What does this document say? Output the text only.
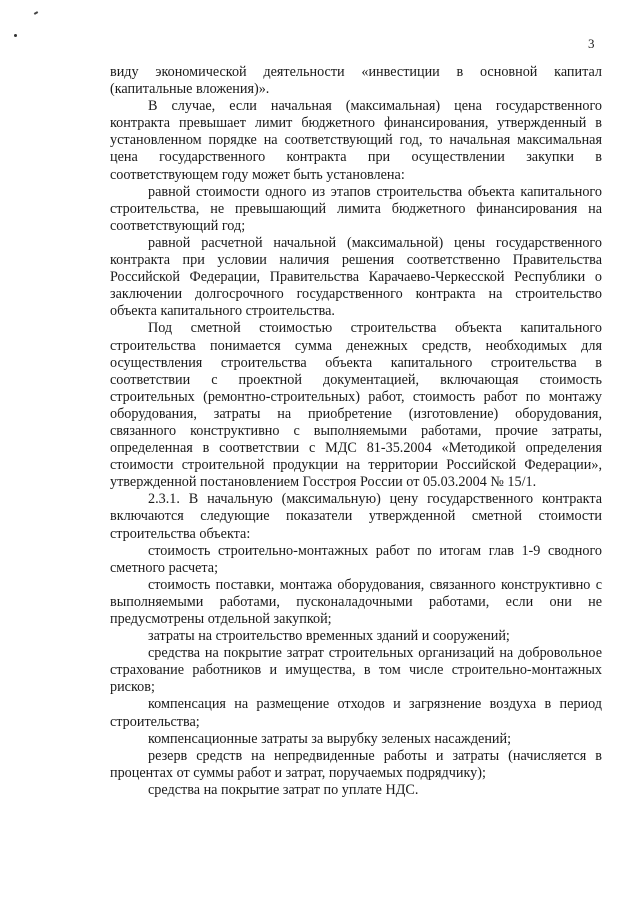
3

виду экономической деятельности «инвестиции в основной капитал (капитальные вложения)».

В случае, если начальная (максимальная) цена государственного контракта превышает лимит бюджетного финансирования, утвержденный в установленном порядке на соответствующий год, то начальная максимальная цена государственного контракта при осуществлении закупки в соответствующем году может быть установлена:

равной стоимости одного из этапов строительства объекта капитального строительства, не превышающий лимита бюджетного финансирования на соответствующий год;

равной расчетной начальной (максимальной) цены государственного контракта при условии наличия решения соответственно Правительства Российской Федерации, Правительства Карачаево-Черкесской Республики о заключении долгосрочного государственного контракта на строительство объекта капитального строительства.

Под сметной стоимостью строительства объекта капитального строительства понимается сумма денежных средств, необходимых для осуществления строительства объекта капитального строительства в соответствии с проектной документацией, включающая стоимость строительных (ремонтно-строительных) работ, стоимость работ по монтажу оборудования, затраты на приобретение (изготовление) оборудования, связанного конструктивно с выполняемыми работами, прочие затраты, определенная в соответствии с МДС 81-35.2004 «Методикой определения стоимости строительной продукции на территории Российской Федерации», утвержденной постановлением Госстроя России от 05.03.2004 № 15/1.

2.3.1. В начальную (максимальную) цену государственного контракта включаются следующие показатели утвержденной сметной стоимости строительства объекта:

стоимость строительно-монтажных работ по итогам глав 1-9 сводного сметного расчета;

стоимость поставки, монтажа оборудования, связанного конструктивно с выполняемыми работами, пусконаладочными работами, если они не предусмотрены отдельной закупкой;

затраты на строительство временных зданий и сооружений;

средства на покрытие затрат строительных организаций на добровольное страхование работников и имущества, в том числе строительно-монтажных рисков;

компенсация на размещение отходов и загрязнение воздуха в период строительства;

компенсационные затраты за вырубку зеленых насаждений;

резерв средств на непредвиденные работы и затраты (начисляется в процентах от суммы работ и затрат, поручаемых подрядчику);

средства на покрытие затрат по уплате НДС.
